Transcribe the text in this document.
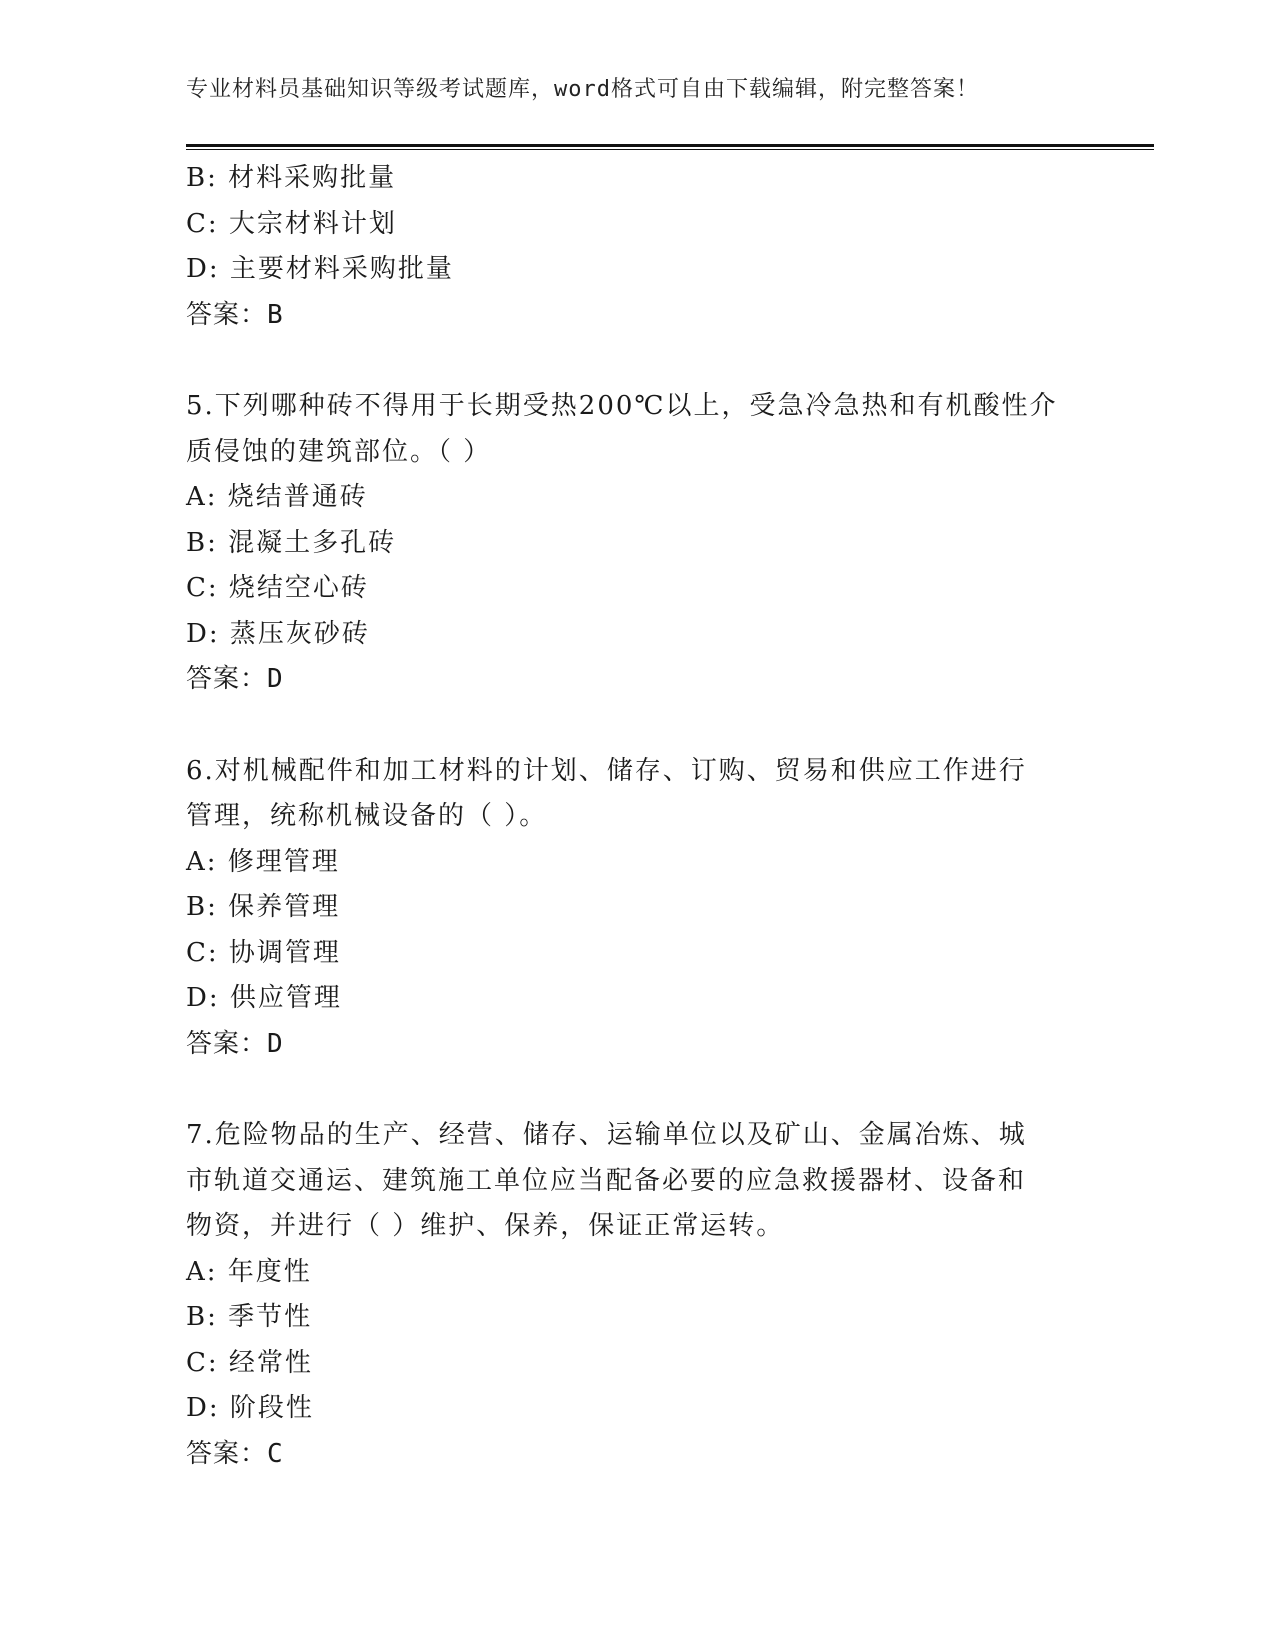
专业材料员基础知识等级考试题库，word格式可自由下载编辑，附完整答案！
B: 材料采购批量
C: 大宗材料计划
D: 主要材料采购批量
答案：B
5.下列哪种砖不得用于长期受热200℃以上，受急冷急热和有机酸性介
质侵蚀的建筑部位。（ ）
A: 烧结普通砖
B: 混凝土多孔砖
C: 烧结空心砖
D: 蒸压灰砂砖
答案：D
6.对机械配件和加工材料的计划、储存、订购、贸易和供应工作进行
管理，统称机械设备的（ ）。
A: 修理管理
B: 保养管理
C: 协调管理
D: 供应管理
答案：D
7.危险物品的生产、经营、储存、运输单位以及矿山、金属冶炼、城
市轨道交通运、建筑施工单位应当配备必要的应急救援器材、设备和
物资，并进行（ ）维护、保养，保证正常运转。
A: 年度性
B: 季节性
C: 经常性
D: 阶段性
答案：C
